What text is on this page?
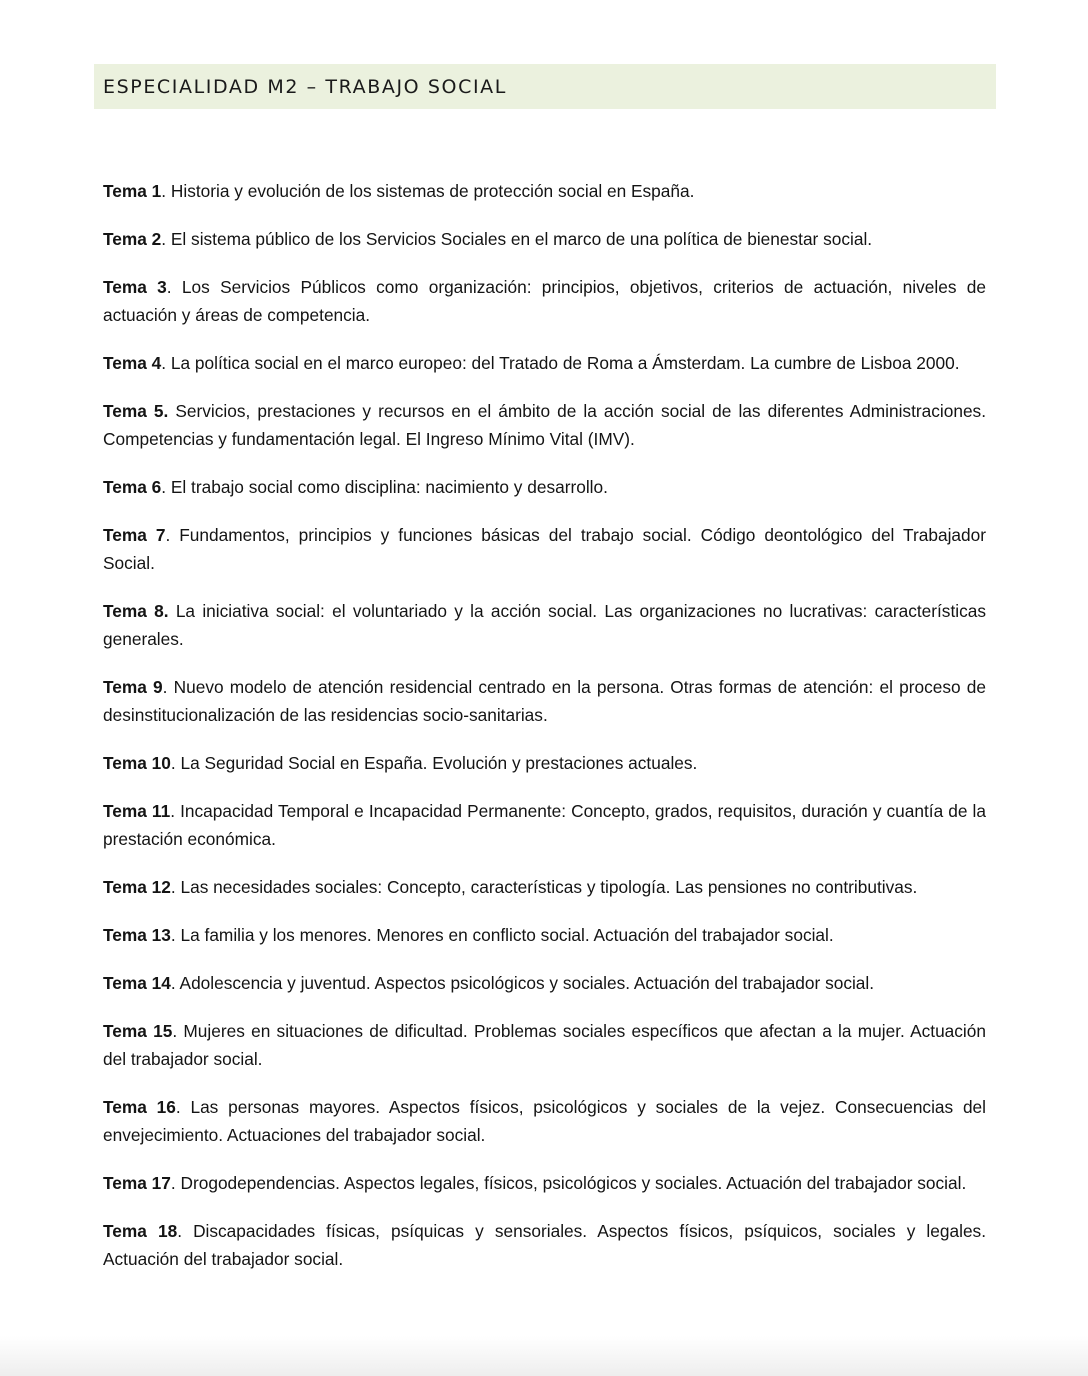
ESPECIALIDAD M2 – TRABAJO SOCIAL
Tema 1. Historia y evolución de los sistemas de protección social en España.
Tema 2. El sistema público de los Servicios Sociales en el marco de una política de bienestar social.
Tema 3. Los Servicios Públicos como organización: principios, objetivos, criterios de actuación, niveles de actuación y áreas de competencia.
Tema 4. La política social en el marco europeo: del Tratado de Roma a Ámsterdam. La cumbre de Lisboa 2000.
Tema 5. Servicios, prestaciones y recursos en el ámbito de la acción social de las diferentes Administraciones. Competencias y fundamentación legal. El Ingreso Mínimo Vital (IMV).
Tema 6. El trabajo social como disciplina: nacimiento y desarrollo.
Tema 7. Fundamentos, principios y funciones básicas del trabajo social. Código deontológico del Trabajador Social.
Tema 8. La iniciativa social: el voluntariado y la acción social. Las organizaciones no lucrativas: características generales.
Tema 9. Nuevo modelo de atención residencial centrado en la persona. Otras formas de atención: el proceso de desinstitucionalización de las residencias socio-sanitarias.
Tema 10. La Seguridad Social en España. Evolución y prestaciones actuales.
Tema 11. Incapacidad Temporal e Incapacidad Permanente: Concepto, grados, requisitos, duración y cuantía de la prestación económica.
Tema 12. Las necesidades sociales: Concepto, características y tipología. Las pensiones no contributivas.
Tema 13. La familia y los menores. Menores en conflicto social. Actuación del trabajador social.
Tema 14. Adolescencia y juventud. Aspectos psicológicos y sociales. Actuación del trabajador social.
Tema 15. Mujeres en situaciones de dificultad. Problemas sociales específicos que afectan a la mujer. Actuación del trabajador social.
Tema 16. Las personas mayores. Aspectos físicos, psicológicos y sociales de la vejez. Consecuencias del envejecimiento. Actuaciones del trabajador social.
Tema 17. Drogodependencias. Aspectos legales, físicos, psicológicos y sociales. Actuación del trabajador social.
Tema 18. Discapacidades físicas, psíquicas y sensoriales. Aspectos físicos, psíquicos, sociales y legales. Actuación del trabajador social.
